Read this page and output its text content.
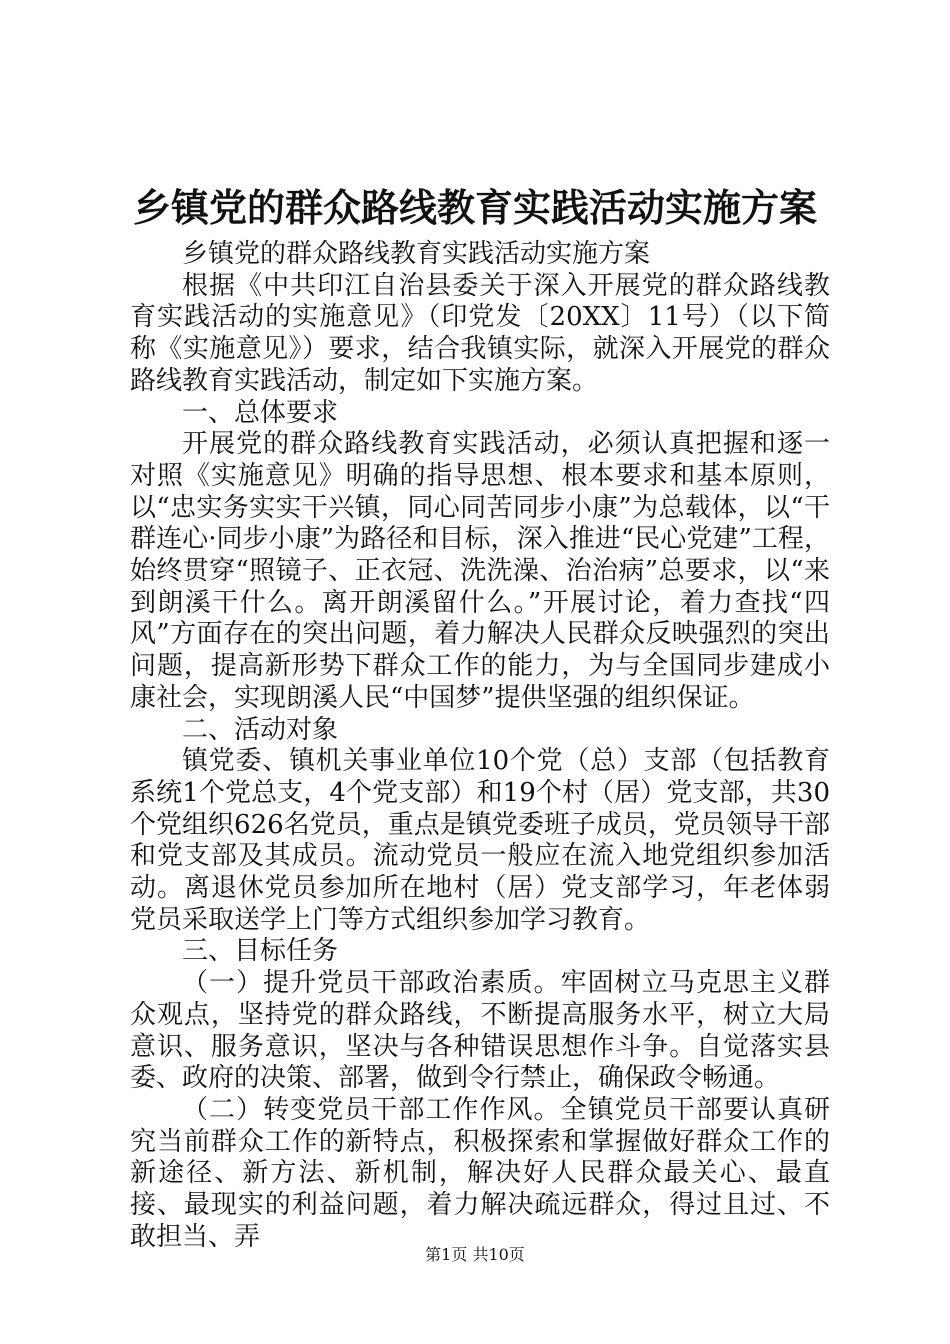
乡镇党的群众路线教育实践活动实施方案

乡镇党的群众路线教育实践活动实施方案

根据《中共印江自治县委关于深入开展党的群众路线教育实践活动的实施意见》（印党发〔20XX〕11号）（以下简称《实施意见》）要求，结合我镇实际，就深入开展党的群众路线教育实践活动，制定如下实施方案。

一、总体要求

开展党的群众路线教育实践活动，必须认真把握和逐一对照《实施意见》明确的指导思想、根本要求和基本原则，以“忠实务实实干兴镇，同心同苦同步小康”为总载体，以“干群连心·同步小康”为路径和目标，深入推进“民心党建”工程，始终贯穿“照镜子、正衣冠、洗洗澡、治治病”总要求，以“来到朗溪干什么。离开朗溪留什么。”开展讨论，着力查找“四风”方面存在的突出问题，着力解决人民群众反映强烈的突出问题，提高新形势下群众工作的能力，为与全国同步建成小康社会，实现朗溪人民“中国梦”提供坚强的组织保证。

二、活动对象

镇党委、镇机关事业单位10个党（总）支部（包括教育系统1个党总支，4个党支部）和19个村（居）党支部，共30个党组织626名党员，重点是镇党委班子成员，党员领导干部和党支部及其成员。流动党员一般应在流入地党组织参加活动。离退休党员参加所在地村（居）党支部学习，年老体弱党员采取送学上门等方式组织参加学习教育。

三、目标任务

（一）提升党员干部政治素质。牢固树立马克思主义群众观点，坚持党的群众路线，不断提高服务水平，树立大局意识、服务意识，坚决与各种错误思想作斗争。自觉落实县委、政府的决策、部署，做到令行禁止，确保政令畅通。

（二）转变党员干部工作作风。全镇党员干部要认真研究当前群众工作的新特点，积极探索和掌握做好群众工作的新途径、新方法、新机制，解决好人民群众最关心、最直接、最现实的利益问题，着力解决疏远群众，得过且过、不敢担当、弄

第1页 共10页
